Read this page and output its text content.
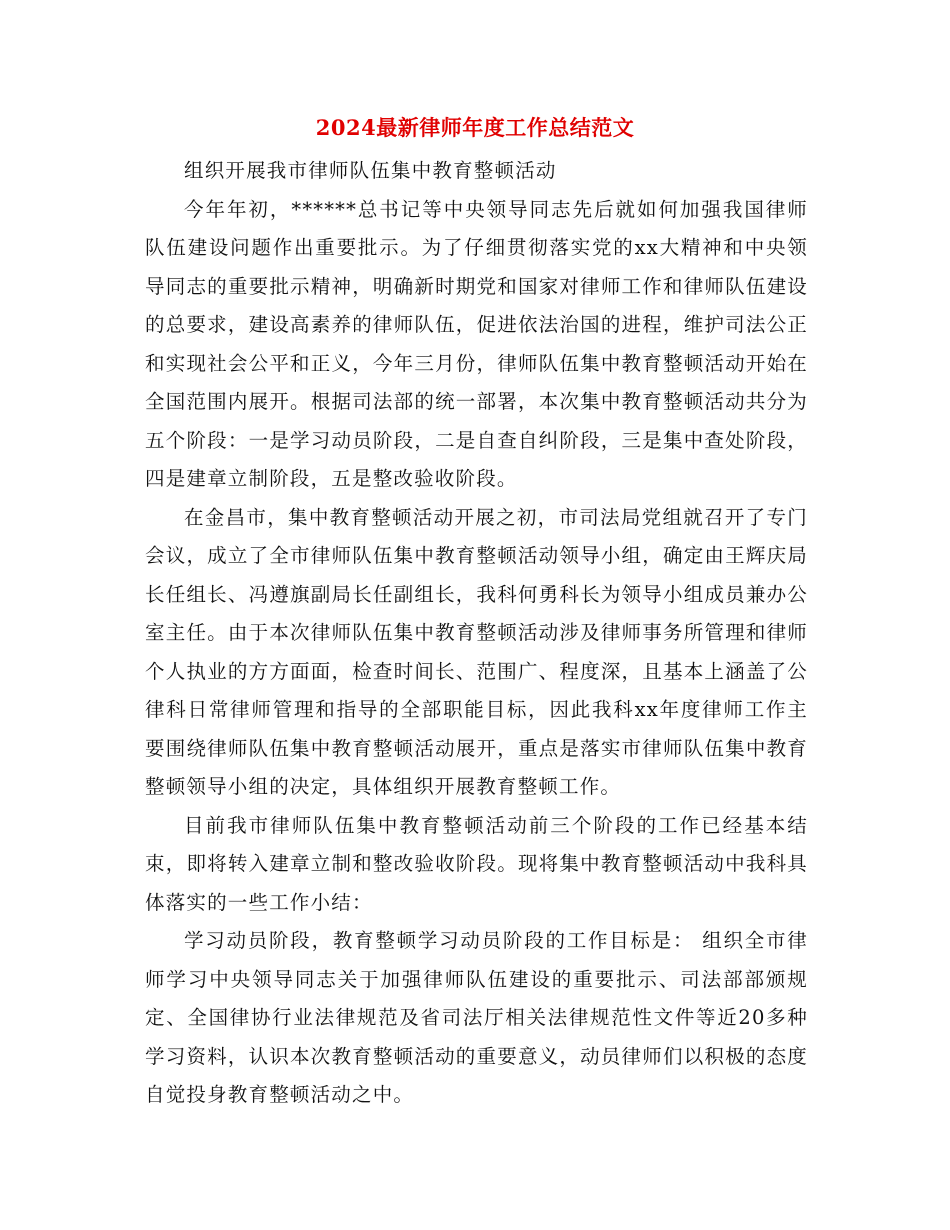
2024最新律师年度工作总结范文

组织开展我市律师队伍集中教育整顿活动

今年年初，******总书记等中央领导同志先后就如何加强我国律师队伍建设问题作出重要批示。为了仔细贯彻落实党的xx大精神和中央领导同志的重要批示精神，明确新时期党和国家对律师工作和律师队伍建设的总要求，建设高素养的律师队伍，促进依法治国的进程，维护司法公正和实现社会公平和正义，今年三月份，律师队伍集中教育整顿活动开始在全国范围内展开。根据司法部的统一部署，本次集中教育整顿活动共分为五个阶段：一是学习动员阶段，二是自查自纠阶段，三是集中查处阶段，四是建章立制阶段，五是整改验收阶段。

在金昌市，集中教育整顿活动开展之初，市司法局党组就召开了专门会议，成立了全市律师队伍集中教育整顿活动领导小组，确定由王辉庆局长任组长、冯遵旗副局长任副组长，我科何勇科长为领导小组成员兼办公室主任。由于本次律师队伍集中教育整顿活动涉及律师事务所管理和律师个人执业的方方面面，检查时间长、范围广、程度深，且基本上涵盖了公律科日常律师管理和指导的全部职能目标，因此我科xx年度律师工作主要围绕律师队伍集中教育整顿活动展开，重点是落实市律师队伍集中教育整顿领导小组的决定，具体组织开展教育整顿工作。

目前我市律师队伍集中教育整顿活动前三个阶段的工作已经基本结束，即将转入建章立制和整改验收阶段。现将集中教育整顿活动中我科具体落实的一些工作小结：

学习动员阶段，教育整顿学习动员阶段的工作目标是： 组织全市律师学习中央领导同志关于加强律师队伍建设的重要批示、司法部部颁规定、全国律协行业法律规范及省司法厅相关法律规范性文件等近20多种学习资料，认识本次教育整顿活动的重要意义，动员律师们以积极的态度自觉投身教育整顿活动之中。
